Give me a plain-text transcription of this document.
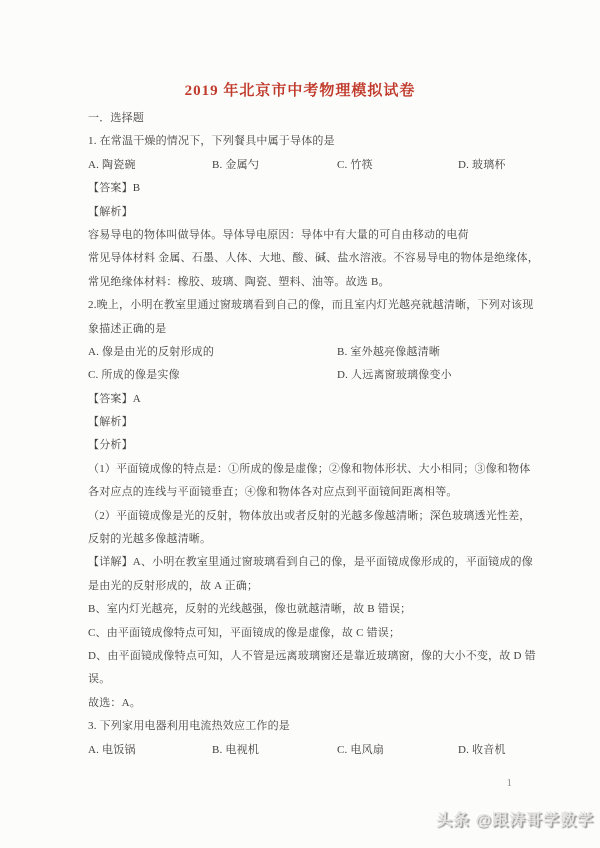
2019 年北京市中考物理模拟试卷
一．选择题
1. 在常温干燥的情况下，下列餐具中属于导体的是
A. 陶瓷碗	B. 金属勺	C. 竹筷	D. 玻璃杯
【答案】B
【解析】
容易导电的物体叫做导体。导体导电原因：导体中有大量的可自由移动的电荷
常见导体材料 金属、石墨、人体、大地、酸、碱、盐水溶液。不容易导电的物体是绝缘体，
常见绝缘体材料：橡胶、玻璃、陶瓷、塑料、油等。故选 B。
2.晚上，小明在教室里通过窗玻璃看到自己的像，而且室内灯光越亮就越清晰，下列对该现
象描述正确的是
A. 像是由光的反射形成的	B. 室外越亮像越清晰
C. 所成的像是实像	D. 人远离窗玻璃像变小
【答案】A
【解析】
【分析】
（1）平面镜成像的特点是：①所成的像是虚像；②像和物体形状、大小相同；③像和物体
各对应点的连线与平面镜垂直；④像和物体各对应点到平面镜间距离相等。
（2）平面镜成像是光的反射，物体放出或者反射的光越多像越清晰；深色玻璃透光性差，
反射的光越多像越清晰。
【详解】A、小明在教室里通过窗玻璃看到自己的像，是平面镜成像形成的，平面镜成的像
是由光的反射形成的，故 A 正确；
B、室内灯光越亮，反射的光线越强，像也就越清晰，故 B 错误；
C、由平面镜成像特点可知，平面镜成的像是虚像，故 C 错误；
D、由平面镜成像特点可知，人不管是远离玻璃窗还是靠近玻璃窗，像的大小不变，故 D 错
误。
故选：A。
3. 下列家用电器利用电流热效应工作的是
A. 电饭锅	B. 电视机	C. 电风扇	D. 收音机
1
头条 @跟涛哥学数学
